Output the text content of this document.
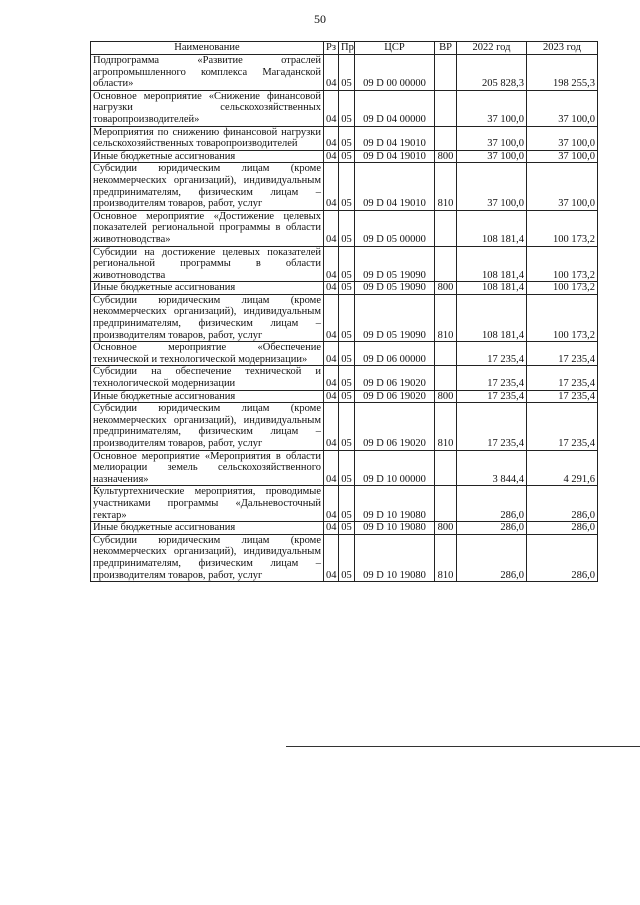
50
Наименование	Рз	Пр	ЦСР	ВР	2022 год	2023 год
Подпрограмма «Развитие отраслей агропромышленного комплекса Магаданской области»	04	05	09 D 00 00000		205 828,3	198 255,3
Основное мероприятие «Снижение финансовой нагрузки сельскохозяйственных товаропроизводителей»	04	05	09 D 04 00000		37 100,0	37 100,0
Мероприятия по снижению финансовой нагрузки сельскохозяйственных товаропроизводителей	04	05	09 D 04 19010		37 100,0	37 100,0
Иные бюджетные ассигнования	04	05	09 D 04 19010	800	37 100,0	37 100,0
Субсидии юридическим лицам (кроме некоммерческих организаций), индивидуальным предпринимателям, физическим лицам – производителям товаров, работ, услуг	04	05	09 D 04 19010	810	37 100,0	37 100,0
Основное мероприятие «Достижение целевых показателей региональной программы в области животноводства»	04	05	09 D 05 00000		108 181,4	100 173,2
Субсидии на достижение целевых показателей региональной программы в области животноводства	04	05	09 D 05 19090		108 181,4	100 173,2
Иные бюджетные ассигнования	04	05	09 D 05 19090	800	108 181,4	100 173,2
Субсидии юридическим лицам (кроме некоммерческих организаций), индивидуальным предпринимателям, физическим лицам – производителям товаров, работ, услуг	04	05	09 D 05 19090	810	108 181,4	100 173,2
Основное мероприятие «Обеспечение технической и технологической модернизации»	04	05	09 D 06 00000		17 235,4	17 235,4
Субсидии на обеспечение технической и технологической модернизации	04	05	09 D 06 19020		17 235,4	17 235,4
Иные бюджетные ассигнования	04	05	09 D 06 19020	800	17 235,4	17 235,4
Субсидии юридическим лицам (кроме некоммерческих организаций), индивидуальным предпринимателям, физическим лицам – производителям товаров, работ, услуг	04	05	09 D 06 19020	810	17 235,4	17 235,4
Основное мероприятие «Мероприятия в области мелиорации земель сельскохозяйственного назначения»	04	05	09 D 10 00000		3 844,4	4 291,6
Культуртехнические мероприятия, проводимые участниками программы «Дальневосточный гектар»	04	05	09 D 10 19080		286,0	286,0
Иные бюджетные ассигнования	04	05	09 D 10 19080	800	286,0	286,0
Субсидии юридическим лицам (кроме некоммерческих организаций), индивидуальным предпринимателям, физическим лицам – производителям товаров, работ, услуг	04	05	09 D 10 19080	810	286,0	286,0
